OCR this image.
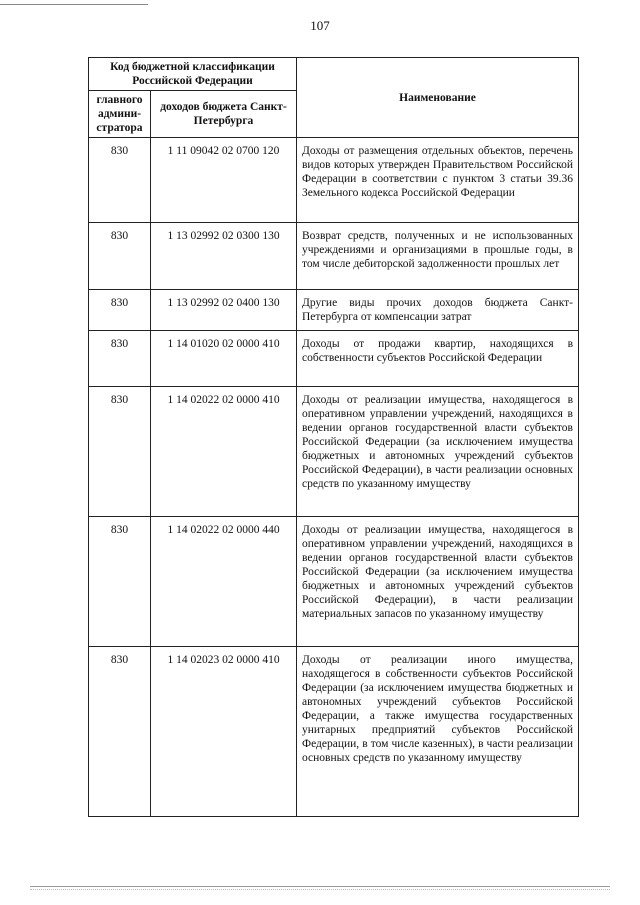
107
Код бюджетной классификации Российской Федерации		Наименование
главного админи-стратора	доходов бюджета Санкт-Петербурга	
830	1 11 09042 02 0700 120	Доходы от размещения отдельных объектов, перечень видов которых утвержден Правительством Российской Федерации в соответствии с пунктом 3 статьи 39.36 Земельного кодекса Российской Федерации
830	1 13 02992 02 0300 130	Возврат средств, полученных и не использованных учреждениями и организациями в прошлые годы, в том числе дебиторской задолженности прошлых лет
830	1 13 02992 02 0400 130	Другие виды прочих доходов бюджета Санкт-Петербурга от компенсации затрат
830	1 14 01020 02 0000 410	Доходы от продажи квартир, находящихся в собственности субъектов Российской Федерации
830	1 14 02022 02 0000 410	Доходы от реализации имущества, находящегося в оперативном управлении учреждений, находящихся в ведении органов государственной власти субъектов Российской Федерации (за исключением имущества бюджетных и автономных учреждений субъектов Российской Федерации), в части реализации основных средств по указанному имуществу
830	1 14 02022 02 0000 440	Доходы от реализации имущества, находящегося в оперативном управлении учреждений, находящихся в ведении органов государственной власти субъектов Российской Федерации (за исключением имущества бюджетных и автономных учреждений субъектов Российской Федерации), в части реализации материальных запасов по указанному имуществу
830	1 14 02023 02 0000 410	Доходы от реализации иного имущества, находящегося в собственности субъектов Российской Федерации (за исключением имущества бюджетных и автономных учреждений субъектов Российской Федерации, а также имущества государственных унитарных предприятий субъектов Российской Федерации, в том числе казенных), в части реализации основных средств по указанному имуществу
